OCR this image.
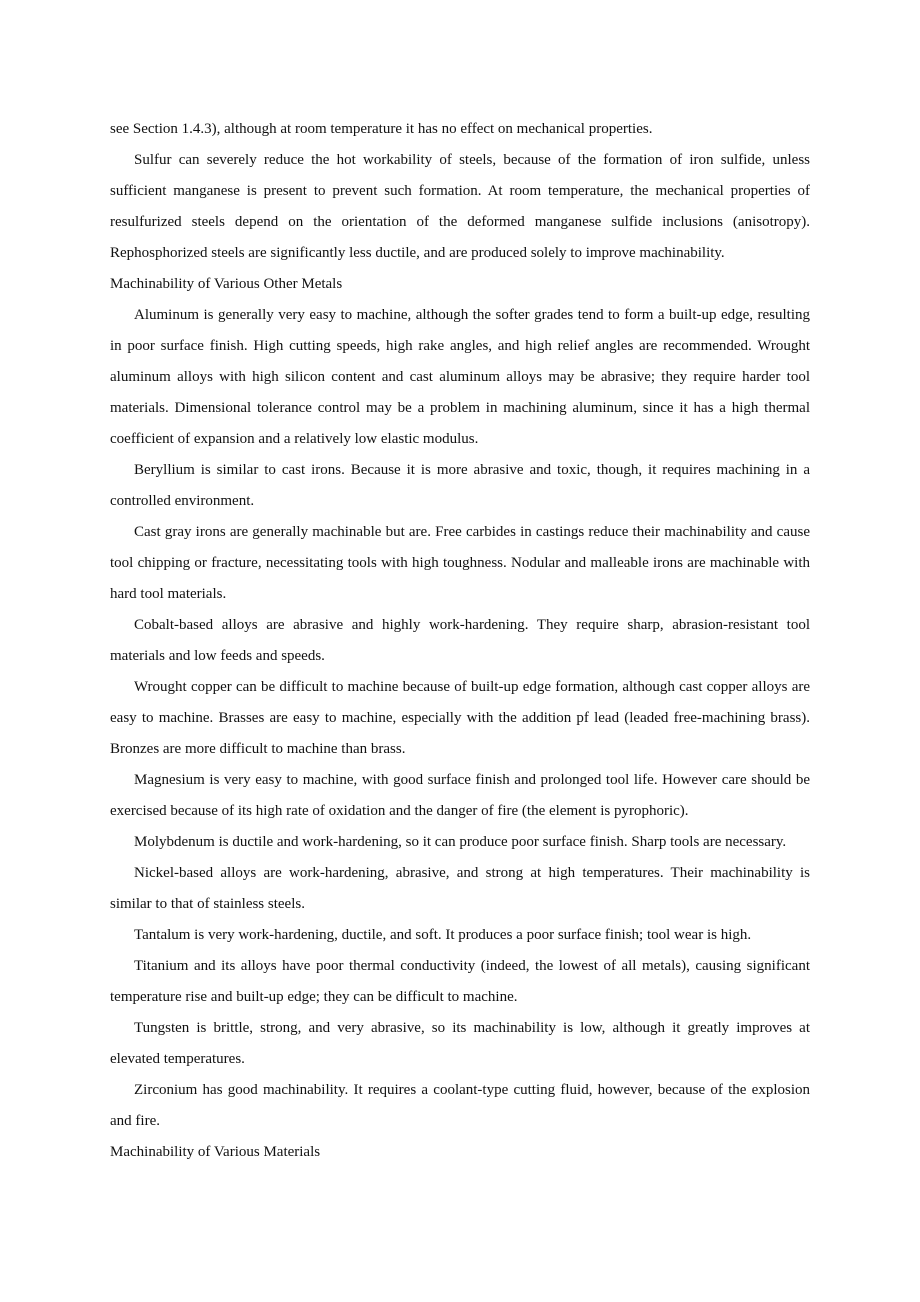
see Section 1.4.3), although at room temperature it has no effect on mechanical properties.

Sulfur can severely reduce the hot workability of steels, because of the formation of iron sulfide, unless sufficient manganese is present to prevent such formation. At room temperature, the mechanical properties of resulfurized steels depend on the orientation of the deformed manganese sulfide inclusions (anisotropy). Rephosphorized steels are significantly less ductile, and are produced solely to improve machinability.

Machinability of Various Other Metals

Aluminum is generally very easy to machine, although the softer grades tend to form a built-up edge, resulting in poor surface finish. High cutting speeds, high rake angles, and high relief angles are recommended. Wrought aluminum alloys with high silicon content and cast aluminum alloys may be abrasive; they require harder tool materials. Dimensional tolerance control may be a problem in machining aluminum, since it has a high thermal coefficient of expansion and a relatively low elastic modulus.

Beryllium is similar to cast irons. Because it is more abrasive and toxic, though, it requires machining in a controlled environment.

Cast gray irons are generally machinable but are. Free carbides in castings reduce their machinability and cause tool chipping or fracture, necessitating tools with high toughness. Nodular and malleable irons are machinable with hard tool materials.

Cobalt-based alloys are abrasive and highly work-hardening. They require sharp, abrasion-resistant tool materials and low feeds and speeds.

Wrought copper can be difficult to machine because of built-up edge formation, although cast copper alloys are easy to machine. Brasses are easy to machine, especially with the addition pf lead (leaded free-machining brass). Bronzes are more difficult to machine than brass.

Magnesium is very easy to machine, with good surface finish and prolonged tool life. However care should be exercised because of its high rate of oxidation and the danger of fire (the element is pyrophoric).

Molybdenum is ductile and work-hardening, so it can produce poor surface finish. Sharp tools are necessary.

Nickel-based alloys are work-hardening, abrasive, and strong at high temperatures. Their machinability is similar to that of stainless steels.

Tantalum is very work-hardening, ductile, and soft. It produces a poor surface finish; tool wear is high.

Titanium and its alloys have poor thermal conductivity (indeed, the lowest of all metals), causing significant temperature rise and built-up edge; they can be difficult to machine.

Tungsten is brittle, strong, and very abrasive, so its machinability is low, although it greatly improves at elevated temperatures.

Zirconium has good machinability. It requires a coolant-type cutting fluid, however, because of the explosion and fire.

Machinability of Various Materials
